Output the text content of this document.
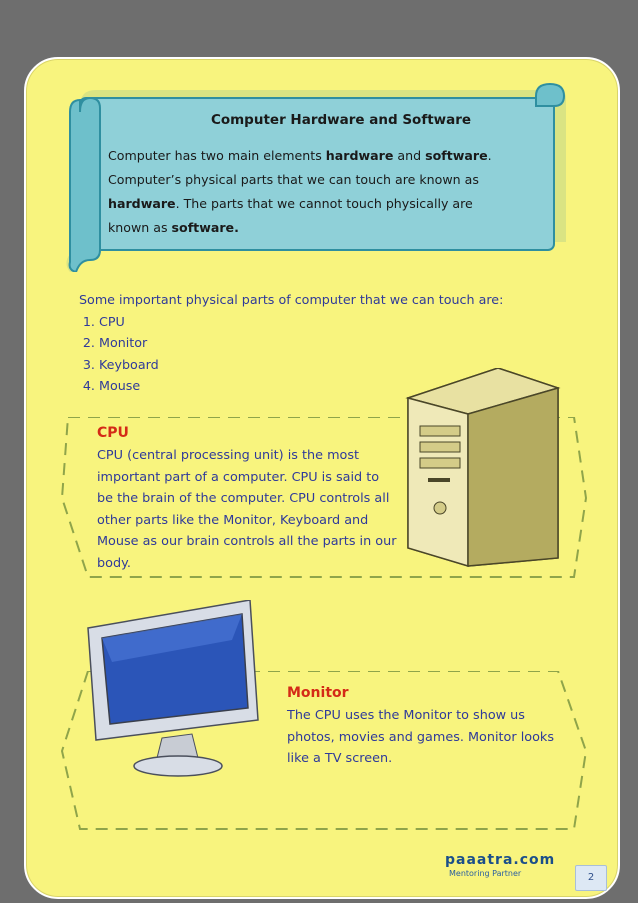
Computer Hardware and Software
Computer has two main elements hardware and software.
Computer’s physical parts that we can touch are known as
hardware. The parts that we cannot touch physically are
known as software.
Some important physical parts of computer that we can touch are:
1. CPU
2. Monitor
3. Keyboard
4. Mouse
CPU
CPU (central processing unit) is the most important part of a computer. CPU is said to be the brain of the computer. CPU controls all other parts like the Monitor, Keyboard and Mouse as our brain controls all the parts in our body.
Monitor
The CPU uses the Monitor to show us photos, movies and games. Monitor looks like a TV screen.
paaatra.com
Mentoring Partner	2
